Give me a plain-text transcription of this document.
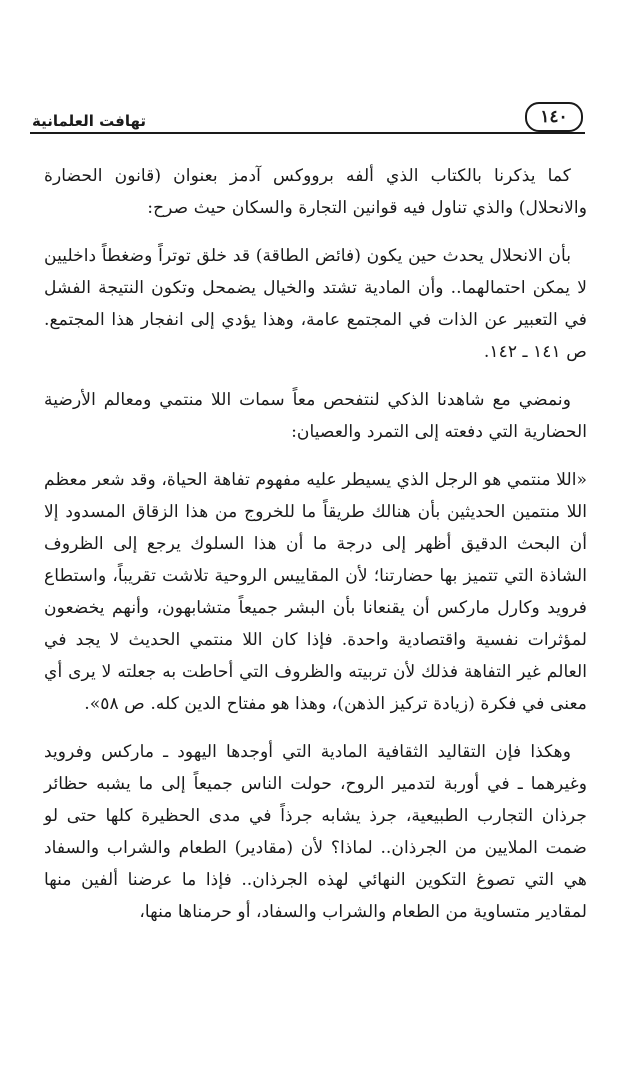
تهافت العلمانية	١٤٠

كما يذكرنا بالكتاب الذي ألفه برووكس آدمز بعنوان (قانون الحضارة والانحلال) والذي تناول فيه قوانين التجارة والسكان حيث صرح:

بأن الانحلال يحدث حين يكون (فائض الطاقة) قد خلق توتراً وضغطاً داخليين لا يمكن احتمالهما.. وأن المادية تشتد والخيال يضمحل وتكون النتيجة الفشل في التعبير عن الذات في المجتمع عامة، وهذا يؤدي إلى انفجار هذا المجتمع. ص ١٤١ ـ ١٤٢.

ونمضي مع شاهدنا الذكي لنتفحص معاً سمات اللا منتمي ومعالم الأرضية الحضارية التي دفعته إلى التمرد والعصيان:

«اللا منتمي هو الرجل الذي يسيطر عليه مفهوم تفاهة الحياة، وقد شعر معظم اللا منتمين الحديثين بأن هنالك طريقاً ما للخروج من هذا الزقاق المسدود إلا أن البحث الدقيق أظهر إلى درجة ما أن هذا السلوك يرجع إلى الظروف الشاذة التي تتميز بها حضارتنا؛ لأن المقاييس الروحية تلاشت تقريباً، واستطاع فرويد وكارل ماركس أن يقنعانا بأن البشر جميعاً متشابهون، وأنهم يخضعون لمؤثرات نفسية واقتصادية واحدة. فإذا كان اللا منتمي الحديث لا يجد في العالم غير التفاهة فذلك لأن تربيته والظروف التي أحاطت به جعلته لا يرى أي معنى في فكرة (زيادة تركيز الذهن)، وهذا هو مفتاح الدين كله. ص ٥٨».

وهكذا فإن التقاليد الثقافية المادية التي أوجدها اليهود ـ ماركس وفرويد وغيرهما ـ في أوربة لتدمير الروح، حولت الناس جميعاً إلى ما يشبه حظائر جرذان التجارب الطبيعية، جرذ يشابه جرذاً في مدى الحظيرة كلها حتى لو ضمت الملايين من الجرذان.. لماذا؟ لأن (مقادير) الطعام والشراب والسفاد هي التي تصوغ التكوين النهائي لهذه الجرذان.. فإذا ما عرضنا ألفين منها لمقادير متساوية من الطعام والشراب والسفاد، أو حرمناها منها،
